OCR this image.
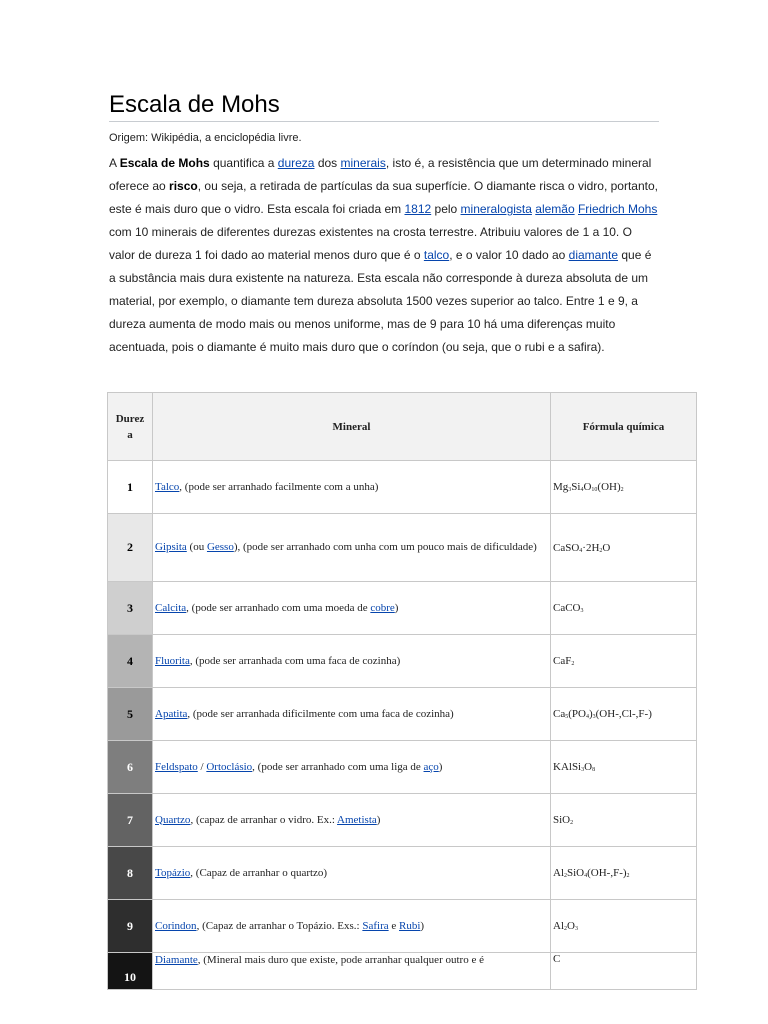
Escala de Mohs
Origem: Wikipédia, a enciclopédia livre.

A Escala de Mohs quantifica a dureza dos minerais, isto é, a resistência que um determinado mineral oferece ao risco, ou seja, a retirada de partículas da sua superfície. O diamante risca o vidro, portanto, este é mais duro que o vidro. Esta escala foi criada em 1812 pelo mineralogista alemão Friedrich Mohs com 10 minerais de diferentes durezas existentes na crosta terrestre. Atribuiu valores de 1 a 10. O valor de dureza 1 foi dado ao material menos duro que é o talco, e o valor 10 dado ao diamante que é a substância mais dura existente na natureza. Esta escala não corresponde à dureza absoluta de um material, por exemplo, o diamante tem dureza absoluta 1500 vezes superior ao talco. Entre 1 e 9, a dureza aumenta de modo mais ou menos uniforme, mas de 9 para 10 há uma diferenças muito acentuada, pois o diamante é muito mais duro que o coríndon (ou seja, que o rubi e a safira).

Durez
a	Mineral	Fórmula química
1	Talco, (pode ser arranhado facilmente com a unha)	$Mg_3Si_4O_{10}(OH)_2$
2	Gipsita (ou Gesso), (pode ser arranhado com unha com um pouco mais de dificuldade)	$CaSO_4\cdot 2H_2O$
3	Calcita, (pode ser arranhado com uma moeda de cobre)	CaCO$_3$
4	Fluorita, (pode ser arranhada com uma faca de cozinha)	CaF$_2$
5	Apatita, (pode ser arranhada dificilmente com uma faca de cozinha)	$Ca_5(PO_4)_3(OH-,Cl-,F-)$
6	Feldspato / Ortoclásio, (pode ser arranhado com uma liga de aço)	$KAlSi_3O_8$
7	Quartzo, (capaz de arranhar o vidro. Ex.: Ametista)	SiO$_2$
8	Topázio, (Capaz de arranhar o quartzo)	$Al_2SiO_4(OH-,F-)_2$
9	Corindon, (Capaz de arranhar o Topázio. Exs.: Safira e Rubi)	$Al_2O_3$
10	Diamante, (Mineral mais duro que existe, pode arranhar qualquer outro e é	C
